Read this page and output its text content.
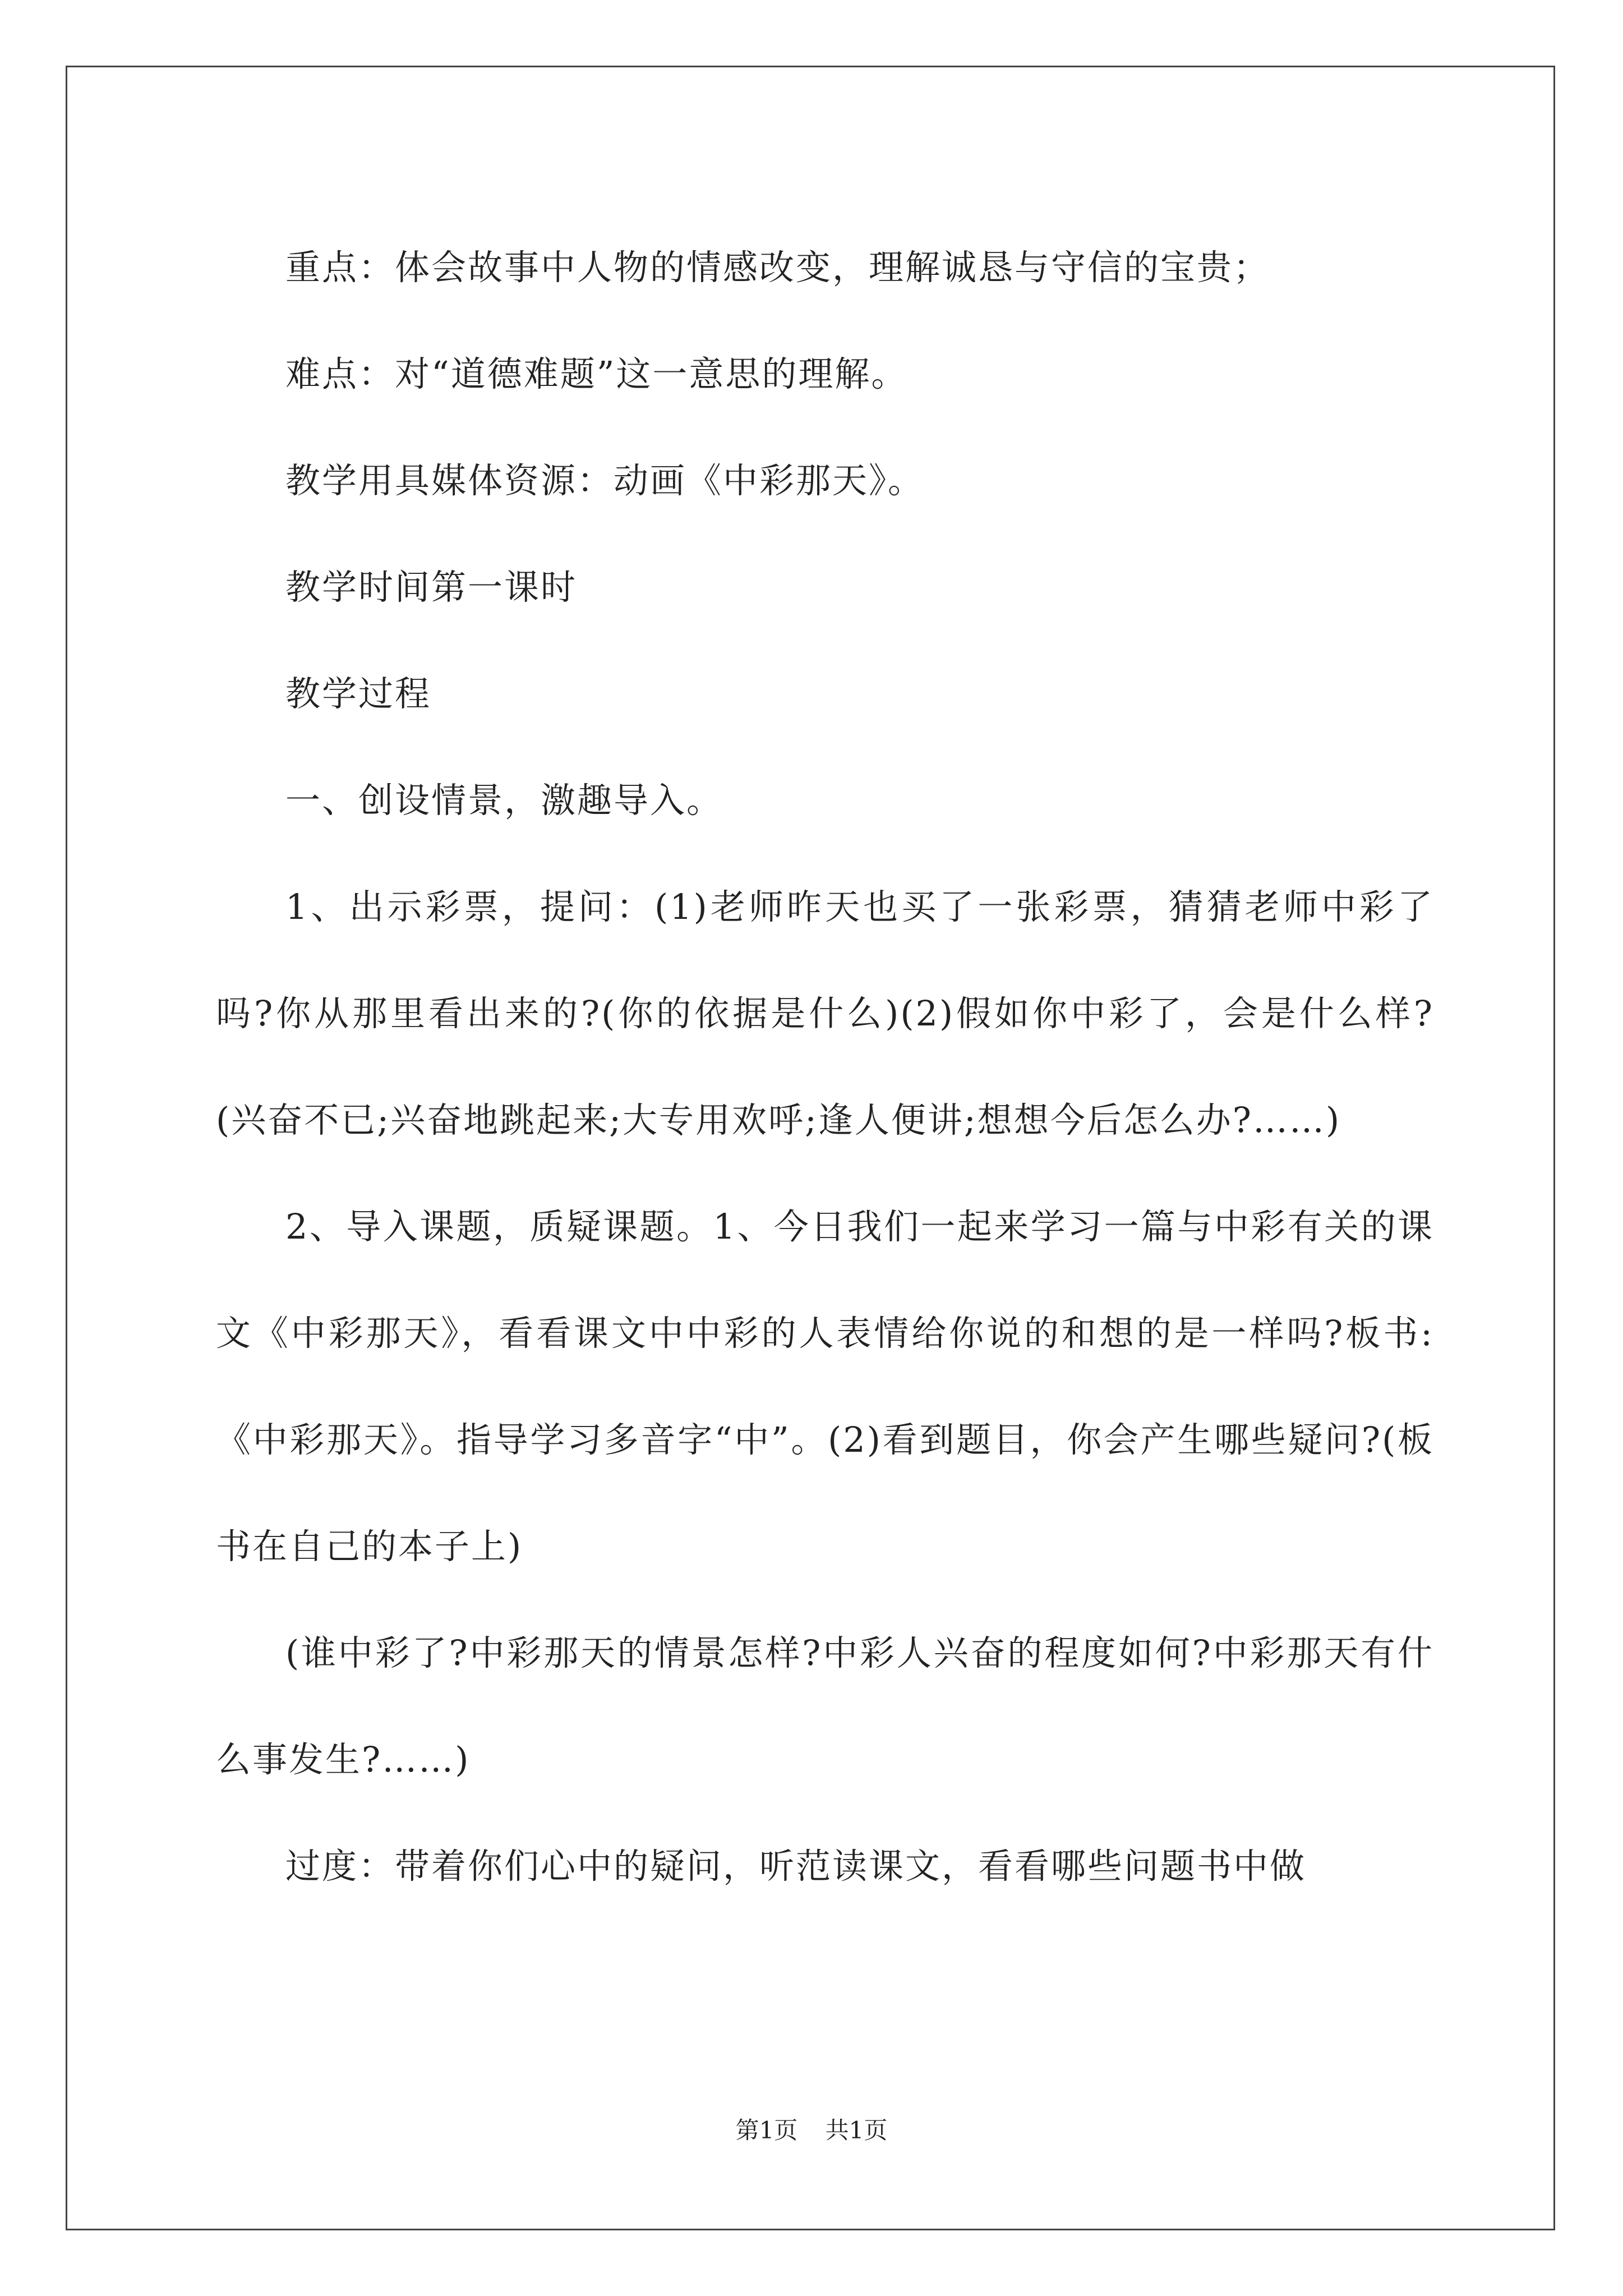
重点：体会故事中人物的情感改变，理解诚恳与守信的宝贵；

难点：对“道德难题”这一意思的理解。

教学用具媒体资源：动画《中彩那天》。

教学时间第一课时

教学过程

一、创设情景，激趣导入。

1、出示彩票，提问：(1)老师昨天也买了一张彩票，猜猜老师中彩了吗?你从那里看出来的?(你的依据是什么)(2)假如你中彩了，会是什么样?(兴奋不已;兴奋地跳起来;大专用欢呼;逢人便讲;想想今后怎么办?……)

2、导入课题，质疑课题。1、今日我们一起来学习一篇与中彩有关的课文《中彩那天》，看看课文中中彩的人表情给你说的和想的是一样吗?板书:《中彩那天》。指导学习多音字“中”。(2)看到题目，你会产生哪些疑问?(板书在自己的本子上)

(谁中彩了?中彩那天的情景怎样?中彩人兴奋的程度如何?中彩那天有什么事发生?……)

过度：带着你们心中的疑问，听范读课文，看看哪些问题书中做

第1页 共1页
